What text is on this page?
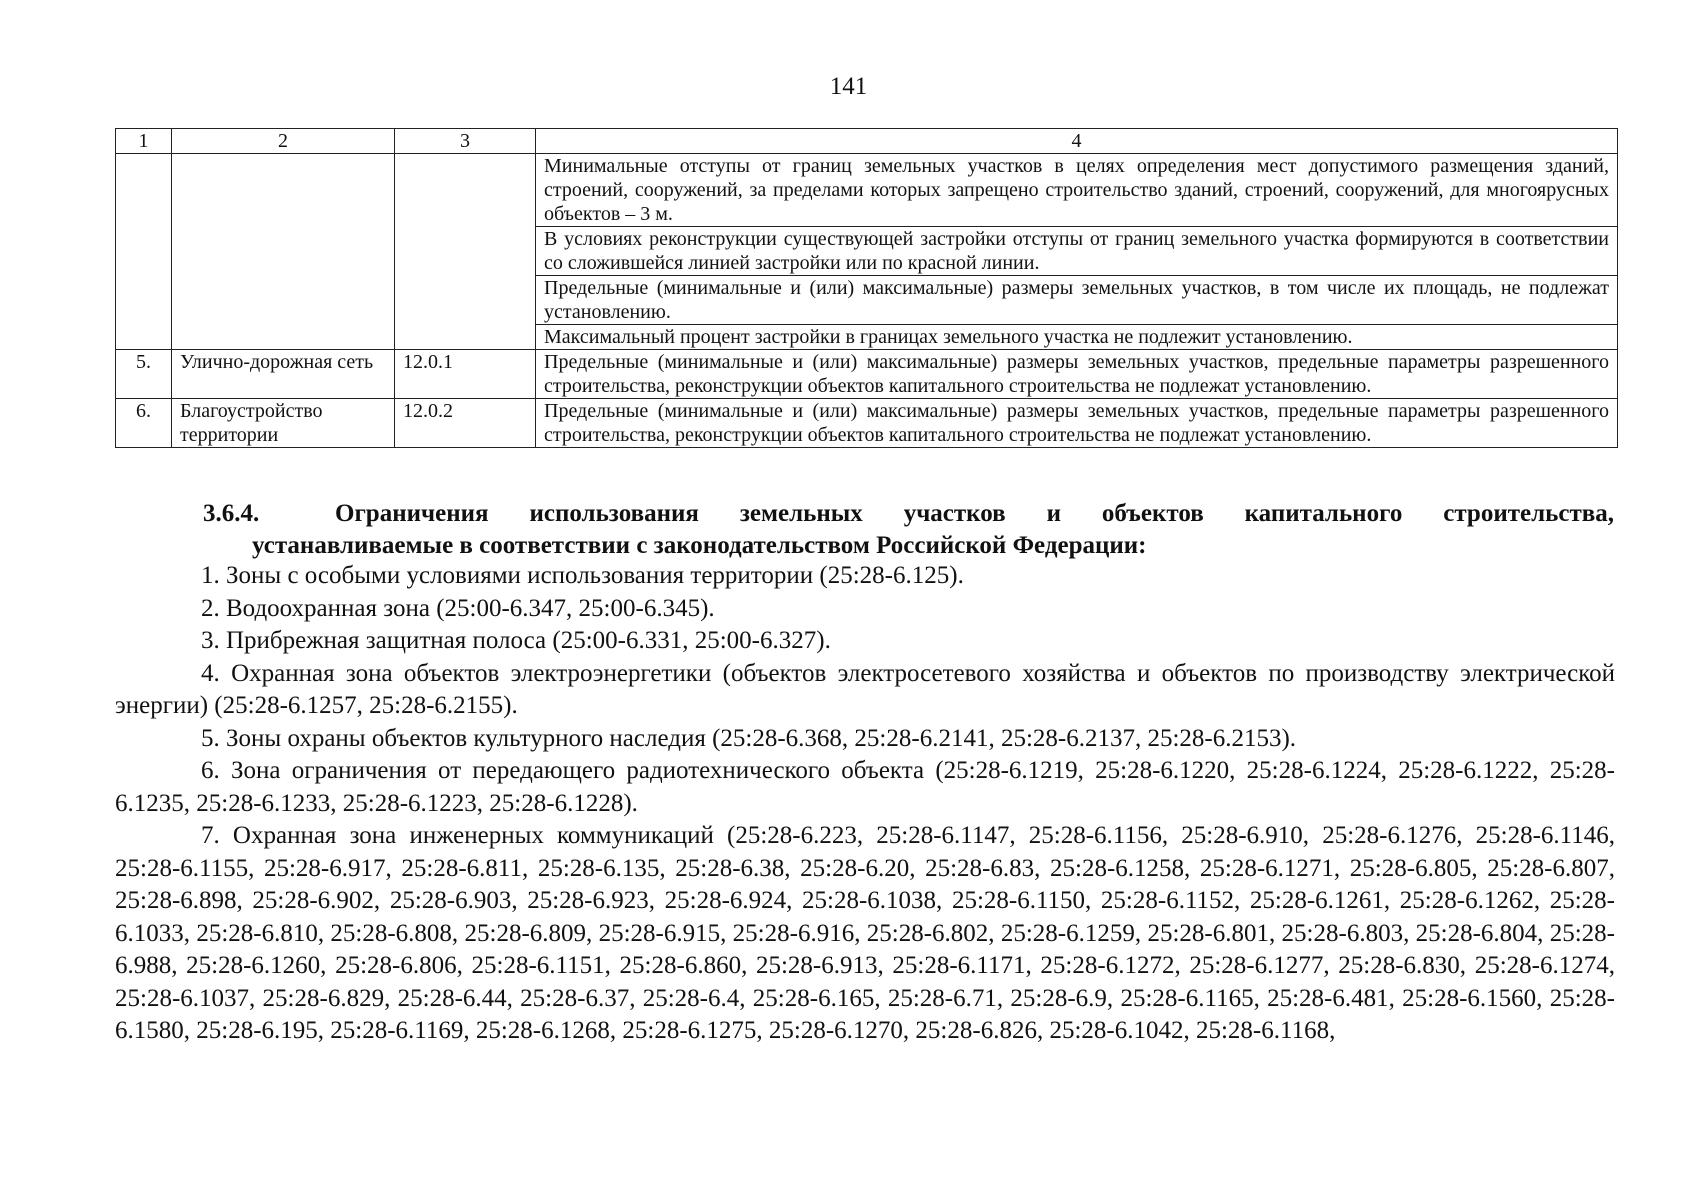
141
1	2	3	4
			Минимальные отступы от границ земельных участков в целях определения мест допустимого размещения зданий, строений, сооружений, за пределами которых запрещено строительство зданий, строений, сооружений, для многоярусных объектов – 3 м.
			В условиях реконструкции существующей застройки отступы от границ земельного участка формируются в соответствии со сложившейся линией застройки или по красной линии.
			Предельные (минимальные и (или) максимальные) размеры земельных участков, в том числе их площадь, не подлежат установлению.
			Максимальный процент застройки в границах земельного участка не подлежит установлению.
5.	Улично-дорожная сеть	12.0.1	Предельные (минимальные и (или) максимальные) размеры земельных участков, предельные параметры разрешенного строительства, реконструкции объектов капитального строительства не подлежат установлению.
6.	Благоустройство территории	12.0.2	Предельные (минимальные и (или) максимальные) размеры земельных участков, предельные параметры разрешенного строительства, реконструкции объектов капитального строительства не подлежат установлению.
3.6.4.	Ограничения использования земельных участков и объектов капитального строительства,
устанавливаемые в соответствии с законодательством Российской Федерации:

1. Зоны с особыми условиями использования территории (25:28-6.125).

2. Водоохранная зона (25:00-6.347, 25:00-6.345).

3. Прибрежная защитная полоса (25:00-6.331, 25:00-6.327).

4. Охранная зона объектов электроэнергетики (объектов электросетевого хозяйства и объектов по производству электрической энергии) (25:28-6.1257, 25:28-6.2155).

5. Зоны охраны объектов культурного наследия (25:28-6.368, 25:28-6.2141, 25:28-6.2137, 25:28-6.2153).

6. Зона ограничения от передающего радиотехнического объекта (25:28-6.1219, 25:28-6.1220, 25:28-6.1224, 25:28-6.1222, 25:28-6.1235, 25:28-6.1233, 25:28-6.1223, 25:28-6.1228).

7. Охранная зона инженерных коммуникаций (25:28-6.223, 25:28-6.1147, 25:28-6.1156, 25:28-6.910, 25:28-6.1276, 25:28-6.1146, 25:28-6.1155, 25:28-6.917, 25:28-6.811, 25:28-6.135, 25:28-6.38, 25:28-6.20, 25:28-6.83, 25:28-6.1258, 25:28-6.1271, 25:28-6.805, 25:28-6.807, 25:28-6.898, 25:28-6.902, 25:28-6.903, 25:28-6.923, 25:28-6.924, 25:28-6.1038, 25:28-6.1150, 25:28-6.1152, 25:28-6.1261, 25:28-6.1262, 25:28-6.1033, 25:28-6.810, 25:28-6.808, 25:28-6.809, 25:28-6.915, 25:28-6.916, 25:28-6.802, 25:28-6.1259, 25:28-6.801, 25:28-6.803, 25:28-6.804, 25:28-6.988, 25:28-6.1260, 25:28-6.806, 25:28-6.1151, 25:28-6.860, 25:28-6.913, 25:28-6.1171, 25:28-6.1272, 25:28-6.1277, 25:28-6.830, 25:28-6.1274, 25:28-6.1037, 25:28-6.829, 25:28-6.44, 25:28-6.37, 25:28-6.4, 25:28-6.165, 25:28-6.71, 25:28-6.9, 25:28-6.1165, 25:28-6.481, 25:28-6.1560, 25:28-6.1580, 25:28-6.195, 25:28-6.1169, 25:28-6.1268, 25:28-6.1275, 25:28-6.1270, 25:28-6.826, 25:28-6.1042, 25:28-6.1168,
